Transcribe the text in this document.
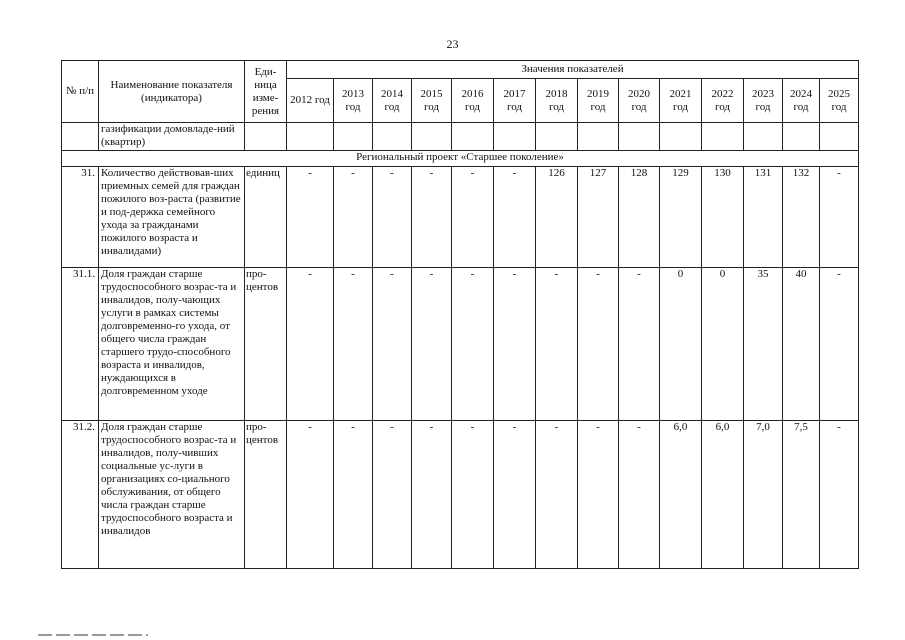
23
№ п/п	Наименование показателя (индикатора)	Еди-ница изме-рения	Значения показателей													
			2012 год	2013 год	2014 год	2015 год	2016 год	2017 год	2018 год	2019 год	2020 год	2021 год	2022 год	2023 год	2024 год	2025 год
	газификации домовладе-ний (квартир)															
Региональный проект «Старшее поколение»																
31.	Количество действовав-ших приемных семей для граждан пожилого воз-раста (развитие и под-держка семейного ухода за гражданами пожилого возраста и инвалидами)	единиц	-	-	-	-	-	-	126	127	128	129	130	131	132	-
31.1.	Доля граждан старше трудоспособного возрас-та и инвалидов, полу-чающих услуги в рамках системы долговременно-го ухода, от общего числа граждан старшего трудо-способного возраста и инвалидов, нуждающихся в долговременном уходе	про-центов	-	-	-	-	-	-	-	-	-	0	0	35	40	-
31.2.	Доля граждан старше трудоспособного возрас-та и инвалидов, полу-чивших социальные ус-луги в организациях со-циального обслуживания, от общего числа граждан старше трудоспособного возраста и инвалидов	про-центов	-	-	-	-	-	-	-	-	-	6,0	6,0	7,0	7,5	-
